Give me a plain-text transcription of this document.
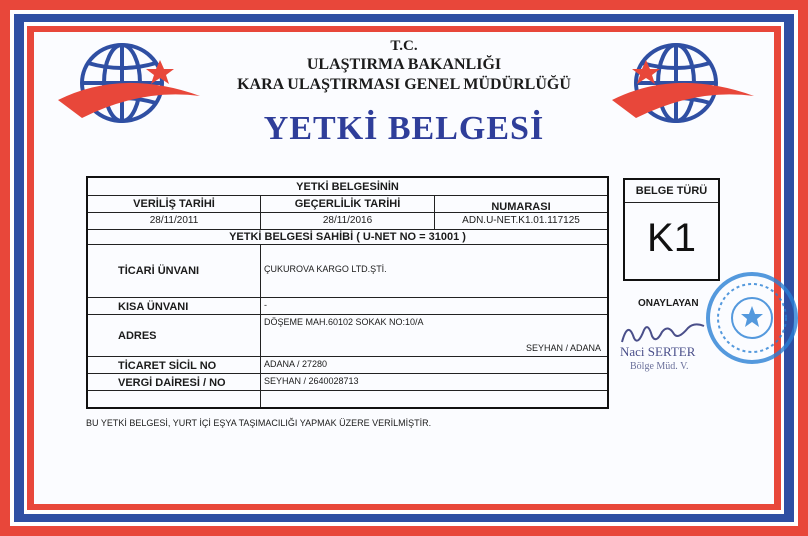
T.C.
ULAŞTIRMA BAKANLIĞI
KARA ULAŞTIRMASI GENEL MÜDÜRLÜĞÜ
YETKİ BELGESİ
YETKİ BELGESİNİN
VERİLİŞ TARİHİ	GEÇERLİLİK TARİHİ	NUMARASI
28/11/2011	28/11/2016	ADN.U-NET.K1.01.117125
YETKİ BELGESİ SAHİBİ ( U-NET NO = 31001 )
TİCARİ ÜNVANI	ÇUKUROVA KARGO LTD.ŞTİ.
KISA ÜNVANI	-
ADRES
DÖŞEME MAH.60102 SOKAK NO:10/A
SEYHAN / ADANA
TİCARET SİCİL NO	ADANA / 27280
VERGİ DAİRESİ / NO	SEYHAN / 2640028713
BELGE TÜRÜ
K1
ONAYLAYAN
Naci SERTER
Bölge Müd. V.
BU YETKİ BELGESİ, YURT İÇİ EŞYA TAŞIMACILIĞI YAPMAK ÜZERE VERİLMİŞTİR.
